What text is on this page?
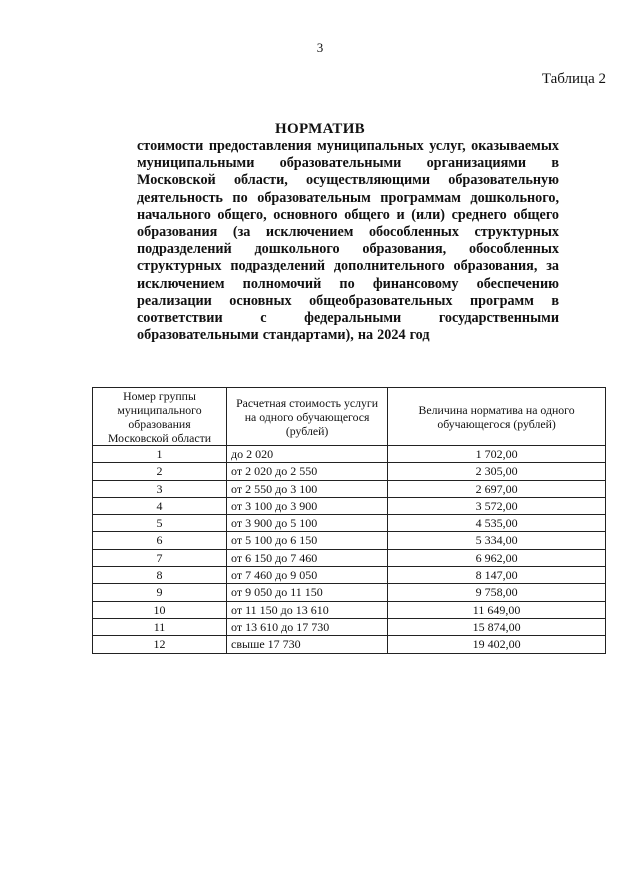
3
Таблица 2
НОРМАТИВ

стоимости предоставления муниципальных услуг, оказываемых муниципальными образовательными организациями в Московской области, осуществляющими образовательную деятельность по образовательным программам дошкольного, начального общего, основного общего и (или) среднего общего образования (за исключением обособленных структурных подразделений дошкольного образования, обособленных структурных подразделений дополнительного образования, за исключением полномочий по финансовому обеспечению реализации основных общеобразовательных программ в соответствии с федеральными государственными образовательными стандартами), на 2024 год

Номер группы муниципального образования Московской области	Расчетная стоимость услуги на одного обучающегося (рублей)	Величина норматива на одного обучающегося (рублей)
1	до 2 020	1 702,00
2	от 2 020 до 2 550	2 305,00
3	от 2 550 до 3 100	2 697,00
4	от 3 100 до 3 900	3 572,00
5	от 3 900 до 5 100	4 535,00
6	от 5 100 до 6 150	5 334,00
7	от 6 150 до 7 460	6 962,00
8	от 7 460 до 9 050	8 147,00
9	от 9 050 до 11 150	9 758,00
10	от 11 150 до 13 610	11 649,00
11	от 13 610 до 17 730	15 874,00
12	свыше 17 730	19 402,00
